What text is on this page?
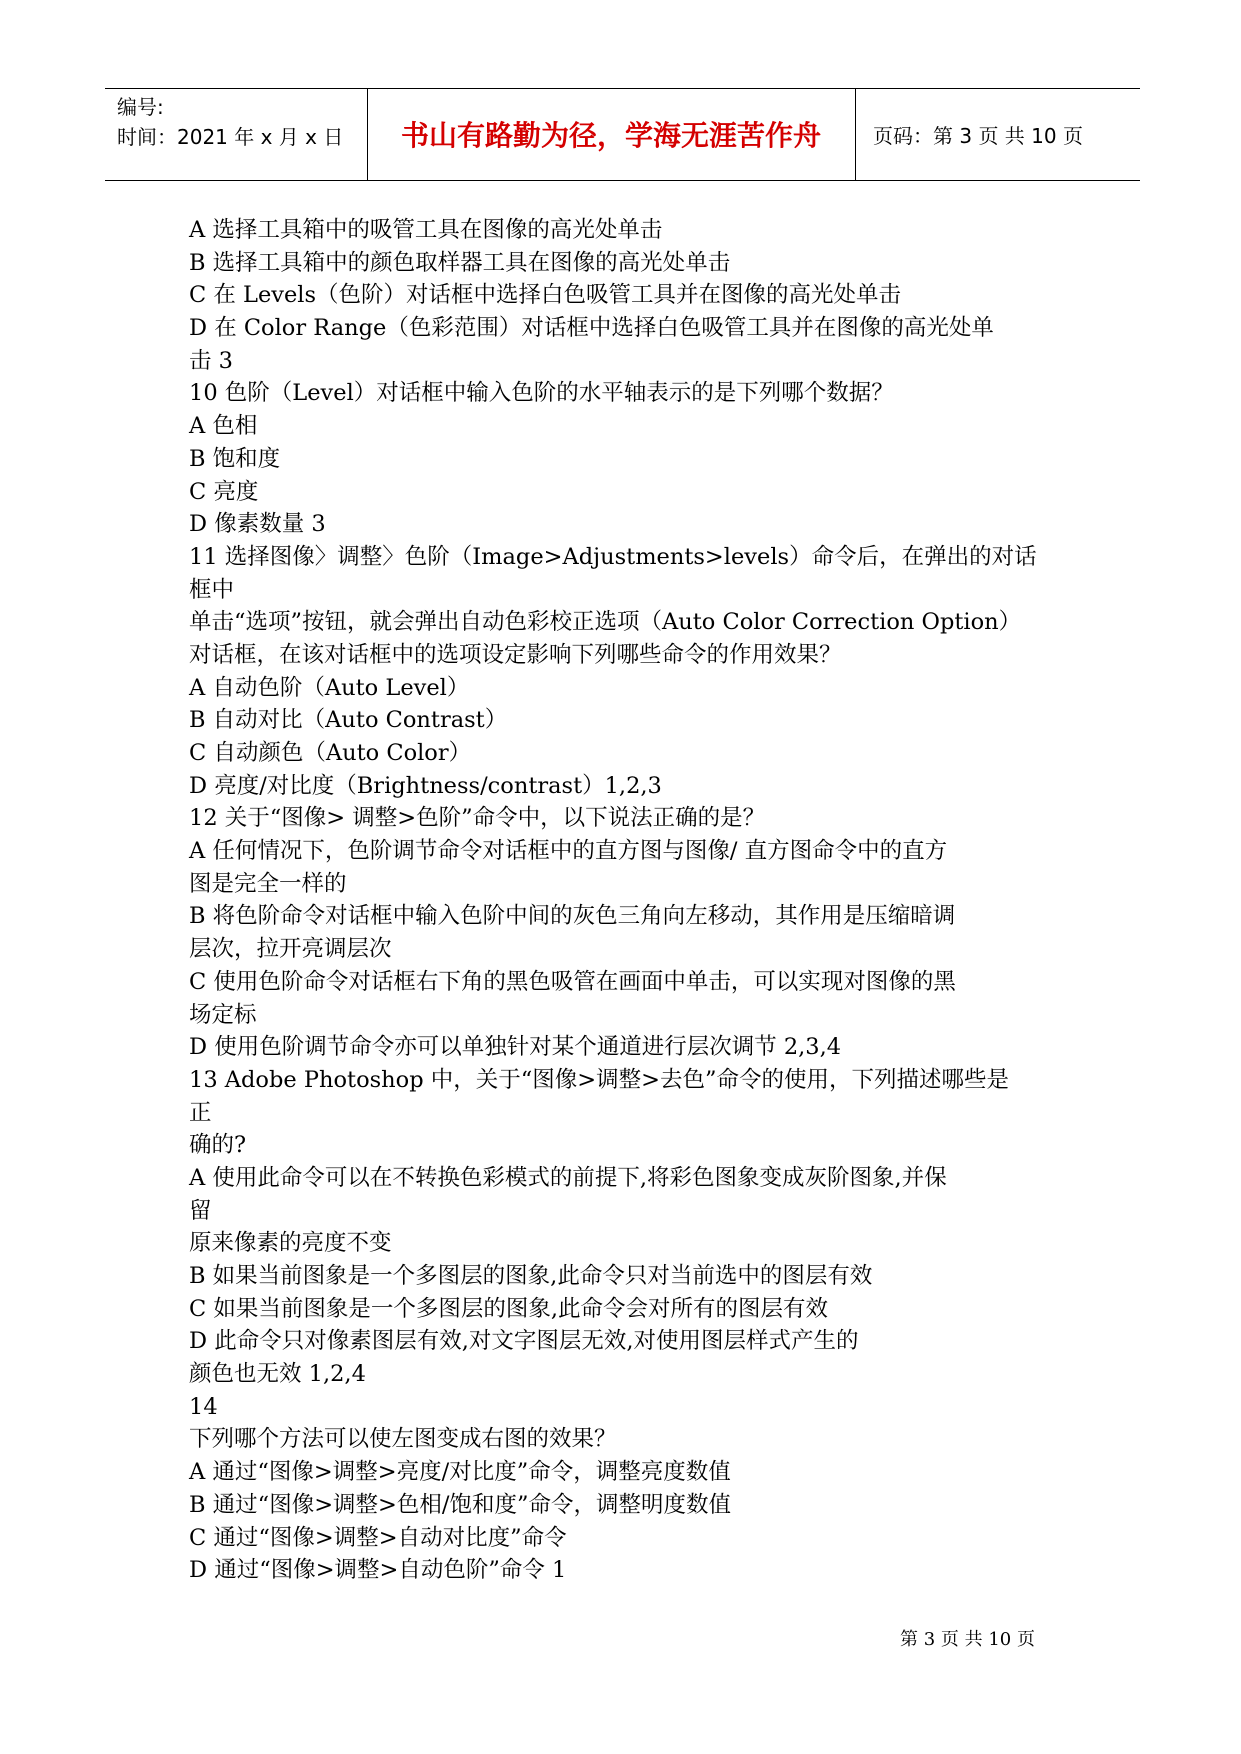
编号:
时间：2021 年 x 月 x 日	书山有路勤为径，学海无涯苦作舟	页码：第 3 页 共 10 页
A 选择工具箱中的吸管工具在图像的高光处单击
B 选择工具箱中的颜色取样器工具在图像的高光处单击
C 在 Levels（色阶）对话框中选择白色吸管工具并在图像的高光处单击
D 在 Color Range（色彩范围）对话框中选择白色吸管工具并在图像的高光处单
击 3
10 色阶（Level）对话框中输入色阶的水平轴表示的是下列哪个数据？
A 色相
B 饱和度
C 亮度
D 像素数量 3
11 选择图像〉调整〉色阶（Image>Adjustments>levels）命令后，在弹出的对话
框中
单击“选项”按钮，就会弹出自动色彩校正选项（Auto Color Correction Option）
对话框，在该对话框中的选项设定影响下列哪些命令的作用效果？
A 自动色阶（Auto Level）
B 自动对比（Auto Contrast）
C 自动颜色（Auto Color）
D 亮度/对比度（Brightness/contrast）1,2,3
12 关于“图像> 调整>色阶”命令中，以下说法正确的是？
A 任何情况下，色阶调节命令对话框中的直方图与图像/ 直方图命令中的直方
图是完全一样的
B 将色阶命令对话框中输入色阶中间的灰色三角向左移动，其作用是压缩暗调
层次，拉开亮调层次
C 使用色阶命令对话框右下角的黑色吸管在画面中单击，可以实现对图像的黑
场定标
D 使用色阶调节命令亦可以单独针对某个通道进行层次调节 2,3,4
13 Adobe Photoshop 中，关于“图像>调整>去色”命令的使用，下列描述哪些是
正
确的?
A 使用此命令可以在不转换色彩模式的前提下,将彩色图象变成灰阶图象,并保
留
原来像素的亮度不变
B 如果当前图象是一个多图层的图象,此命令只对当前选中的图层有效
C 如果当前图象是一个多图层的图象,此命令会对所有的图层有效
D 此命令只对像素图层有效,对文字图层无效,对使用图层样式产生的
颜色也无效 1,2,4
14
下列哪个方法可以使左图变成右图的效果？
A 通过“图像>调整>亮度/对比度”命令，调整亮度数值
B 通过“图像>调整>色相/饱和度”命令，调整明度数值
C 通过“图像>调整>自动对比度”命令
D 通过“图像>调整>自动色阶”命令 1
第 3 页 共 10 页
